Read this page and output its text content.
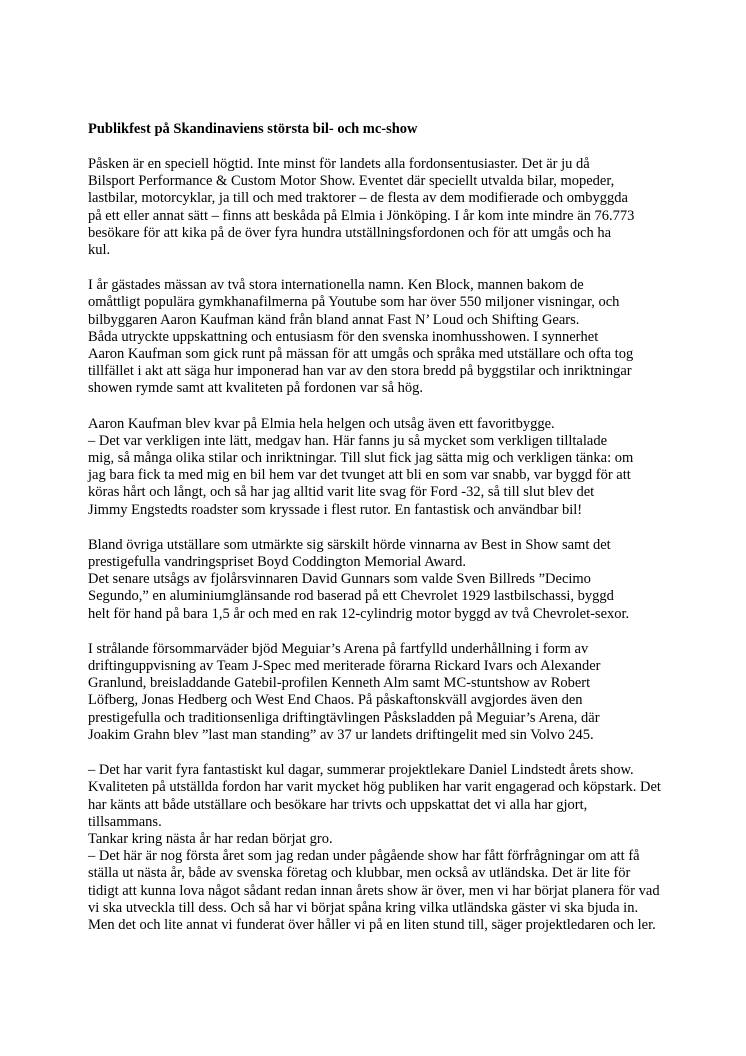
Publikfest på Skandinaviens största bil- och mc-show
Påsken är en speciell högtid. Inte minst för landets alla fordonsentusiaster. Det är ju då
Bilsport Performance & Custom Motor Show. Eventet där speciellt utvalda bilar, mopeder,
lastbilar, motorcyklar, ja till och med traktorer – de flesta av dem modifierade och ombyggda
på ett eller annat sätt – finns att beskåda på Elmia i Jönköping. I år kom inte mindre än 76.773
besökare för att kika på de över fyra hundra utställningsfordonen och för att umgås och ha
kul.
I år gästades mässan av två stora internationella namn. Ken Block, mannen bakom de
omåttligt populära gymkhanafilmerna på Youtube som har över 550 miljoner visningar, och
bilbyggaren Aaron Kaufman känd från bland annat Fast N’ Loud och Shifting Gears.
Båda utryckte uppskattning och entusiasm för den svenska inomhusshowen. I synnerhet
Aaron Kaufman som gick runt på mässan för att umgås och språka med utställare och ofta tog
tillfället i akt att säga hur imponerad han var av den stora bredd på byggstilar och inriktningar
showen rymde samt att kvaliteten på fordonen var så hög.
Aaron Kaufman blev kvar på Elmia hela helgen och utsåg även ett favoritbygge.
– Det var verkligen inte lätt, medgav han. Här fanns ju så mycket som verkligen tilltalade
mig, så många olika stilar och inriktningar. Till slut fick jag sätta mig och verkligen tänka: om
jag bara fick ta med mig en bil hem var det tvunget att bli en som var snabb, var byggd för att
köras hårt och långt, och så har jag alltid varit lite svag för Ford -32, så till slut blev det
Jimmy Engstedts roadster som kryssade i flest rutor. En fantastisk och användbar bil!
Bland övriga utställare som utmärkte sig särskilt hörde vinnarna av Best in Show samt det
prestigefulla vandringspriset Boyd Coddington Memorial Award.
Det senare utsågs av fjolårsvinnaren David Gunnars som valde Sven Billreds ”Decimo
Segundo,” en aluminiumglänsande rod baserad på ett Chevrolet 1929 lastbilschassi, byggd
helt för hand på bara 1,5 år och med en rak 12-cylindrig motor byggd av två Chevrolet-sexor.
I strålande försommarväder bjöd Meguiar’s Arena på fartfylld underhållning i form av
driftinguppvisning av Team J-Spec med meriterade förarna Rickard Ivars och Alexander
Granlund, breisladdande Gatebil-profilen Kenneth Alm samt MC-stuntshow av Robert
Löfberg, Jonas Hedberg och West End Chaos. På påskaftonskväll avgjordes även den
prestigefulla och traditionsenliga driftingtävlingen Påsksladden på Meguiar’s Arena, där
Joakim Grahn blev ”last man standing” av 37 ur landets driftingelit med sin Volvo 245.
– Det har varit fyra fantastiskt kul dagar, summerar projektlekare Daniel Lindstedt årets show.
Kvaliteten på utställda fordon har varit mycket hög publiken har varit engagerad och köpstark. Det
har känts att både utställare och besökare har trivts och uppskattat det vi alla har gjort,
tillsammans.
Tankar kring nästa år har redan börjat gro.
– Det här är nog första året som jag redan under pågående show har fått förfrågningar om att få
ställa ut nästa år, både av svenska företag och klubbar, men också av utländska. Det är lite för
tidigt att kunna lova något sådant redan innan årets show är över, men vi har börjat planera för vad
vi ska utveckla till dess. Och så har vi börjat spåna kring vilka utländska gäster vi ska bjuda in.
Men det och lite annat vi funderat över håller vi på en liten stund till, säger projektledaren och ler.
